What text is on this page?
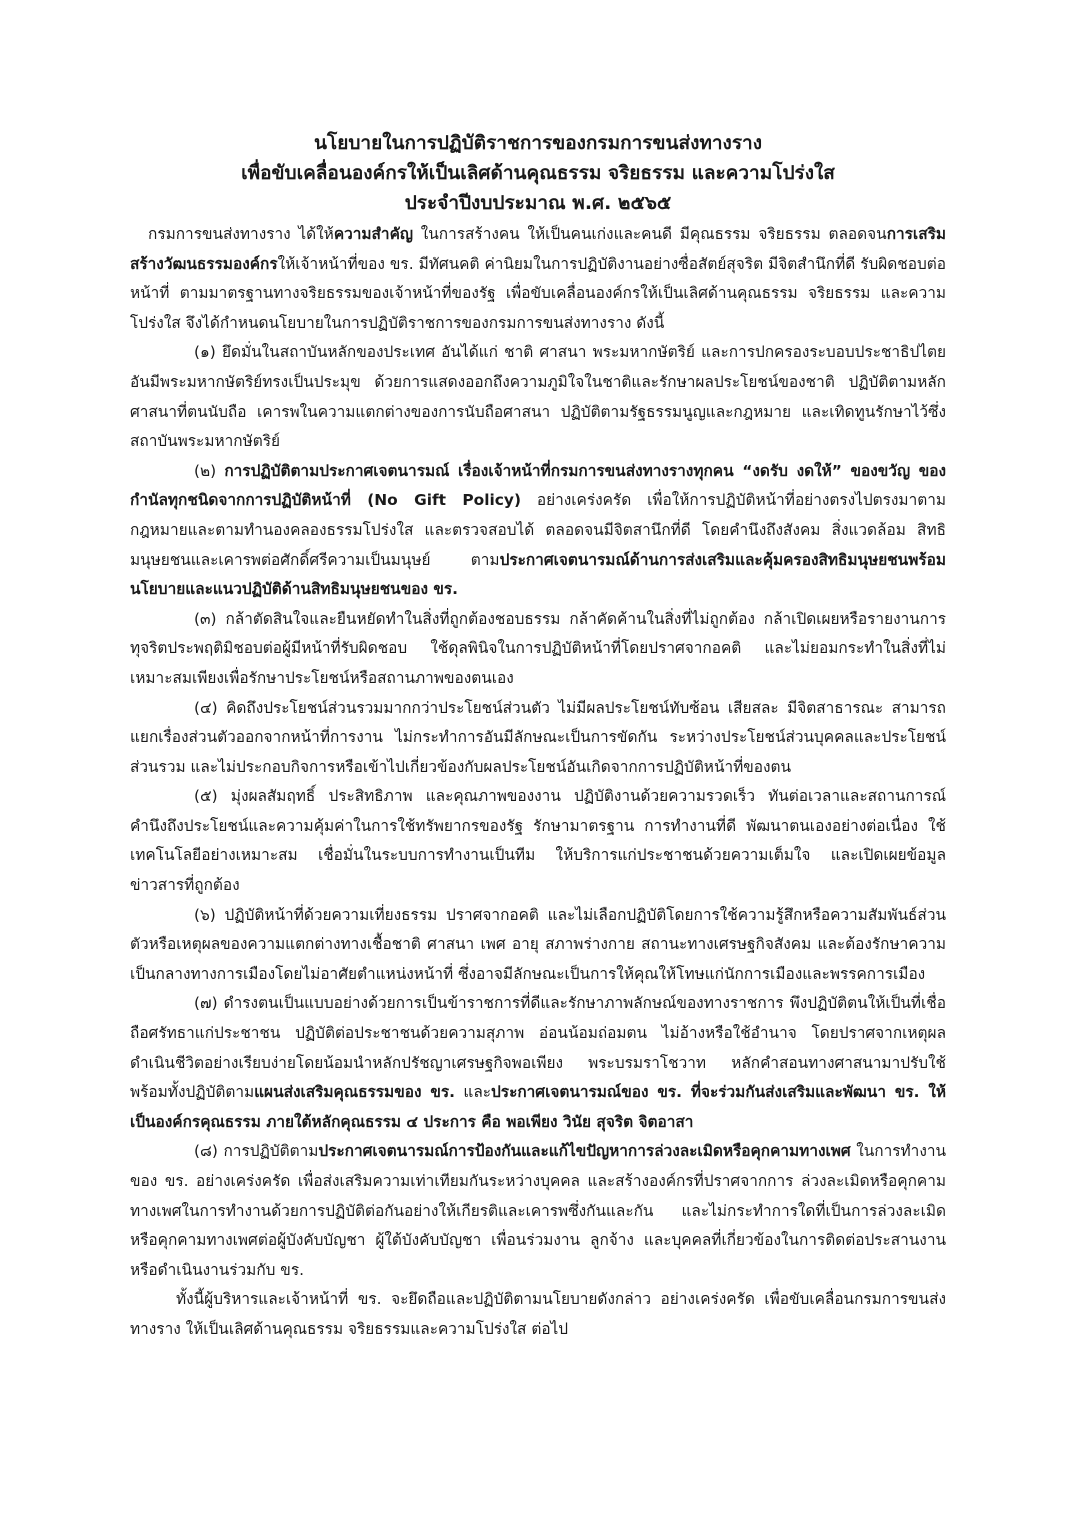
นโยบายในการปฏิบัติราชการของกรมการขนส่งทางราง
เพื่อขับเคลื่อนองค์กรให้เป็นเลิศด้านคุณธรรม จริยธรรม และความโปร่งใส
ประจำปีงบประมาณ พ.ศ. ๒๕๖๕

กรมการขนส่งทางราง ได้ให้ความสำคัญ ในการสร้างคน ให้เป็นคนเก่งและคนดี มีคุณธรรม จริยธรรม ตลอดจนการเสริมสร้างวัฒนธรรมองค์กรให้เจ้าหน้าที่ของ ขร. มีทัศนคติ ค่านิยมในการปฏิบัติงานอย่างซื่อสัตย์สุจริต มีจิตสำนึกที่ดี รับผิดชอบต่อหน้าที่ ตามมาตรฐานทางจริยธรรมของเจ้าหน้าที่ของรัฐ เพื่อขับเคลื่อนองค์กรให้เป็นเลิศด้านคุณธรรม จริยธรรม และความโปร่งใส จึงได้กำหนดนโยบายในการปฏิบัติราชการของกรมการขนส่งทางราง ดังนี้

(๑) ยึดมั่นในสถาบันหลักของประเทศ อันได้แก่ ชาติ ศาสนา พระมหากษัตริย์ และการปกครองระบอบประชาธิปไตยอันมีพระมหากษัตริย์ทรงเป็นประมุข ด้วยการแสดงออกถึงความภูมิใจในชาติและรักษาผลประโยชน์ของชาติ ปฏิบัติตามหลักศาสนาที่ตนนับถือ เคารพในความแตกต่างของการนับถือศาสนา ปฏิบัติตามรัฐธรรมนูญและกฎหมาย และเทิดทูนรักษาไว้ซึ่งสถาบันพระมหากษัตริย์

(๒) การปฏิบัติตามประกาศเจตนารมณ์ เรื่องเจ้าหน้าที่กรมการขนส่งทางรางทุกคน “งดรับ งดให้” ของขวัญ ของกำนัลทุกชนิดจากการปฏิบัติหน้าที่ (No Gift Policy) อย่างเคร่งครัด เพื่อให้การปฏิบัติหน้าที่อย่างตรงไปตรงมาตามกฎหมายและตามทำนองคลองธรรมโปร่งใส และตรวจสอบได้ ตลอดจนมีจิตสานึกที่ดี โดยคำนึงถึงสังคม สิ่งแวดล้อม สิทธิมนุษยชนและเคารพต่อศักดิ์ศรีความเป็นมนุษย์ ตามประกาศเจตนารมณ์ด้านการส่งเสริมและคุ้มครองสิทธิมนุษยชนพร้อมนโยบายและแนวปฏิบัติด้านสิทธิมนุษยชนของ ขร.

(๓) กล้าตัดสินใจและยืนหยัดทำในสิ่งที่ถูกต้องชอบธรรม กล้าคัดค้านในสิ่งที่ไม่ถูกต้อง กล้าเปิดเผยหรือรายงานการทุจริตประพฤติมิชอบต่อผู้มีหน้าที่รับผิดชอบ ใช้ดุลพินิจในการปฏิบัติหน้าที่โดยปราศจากอคติ และไม่ยอมกระทำในสิ่งที่ไม่เหมาะสมเพียงเพื่อรักษาประโยชน์หรือสถานภาพของตนเอง

(๔) คิดถึงประโยชน์ส่วนรวมมากกว่าประโยชน์ส่วนตัว ไม่มีผลประโยชน์ทับซ้อน เสียสละ มีจิตสาธารณะ สามารถแยกเรื่องส่วนตัวออกจากหน้าที่การงาน ไม่กระทำการอันมีลักษณะเป็นการขัดกัน ระหว่างประโยชน์ส่วนบุคคลและประโยชน์ส่วนรวม และไม่ประกอบกิจการหรือเข้าไปเกี่ยวข้องกับผลประโยชน์อันเกิดจากการปฏิบัติหน้าที่ของตน

(๕) มุ่งผลสัมฤทธิ์ ประสิทธิภาพ และคุณภาพของงาน ปฏิบัติงานด้วยความรวดเร็ว ทันต่อเวลาและสถานการณ์ คำนึงถึงประโยชน์และความคุ้มค่าในการใช้ทรัพยากรของรัฐ รักษามาตรฐาน การทำงานที่ดี พัฒนาตนเองอย่างต่อเนื่อง ใช้เทคโนโลยีอย่างเหมาะสม เชื่อมั่นในระบบการทำงานเป็นทีม ให้บริการแก่ประชาชนด้วยความเต็มใจ และเปิดเผยข้อมูลข่าวสารที่ถูกต้อง

(๖) ปฏิบัติหน้าที่ด้วยความเที่ยงธรรม ปราศจากอคติ และไม่เลือกปฏิบัติโดยการใช้ความรู้สึกหรือความสัมพันธ์ส่วนตัวหรือเหตุผลของความแตกต่างทางเชื้อชาติ ศาสนา เพศ อายุ สภาพร่างกาย สถานะทางเศรษฐกิจสังคม และต้องรักษาความเป็นกลางทางการเมืองโดยไม่อาศัยตำแหน่งหน้าที่ ซึ่งอาจมีลักษณะเป็นการให้คุณให้โทษแก่นักการเมืองและพรรคการเมือง

(๗) ดำรงตนเป็นแบบอย่างด้วยการเป็นข้าราชการที่ดีและรักษาภาพลักษณ์ของทางราชการ พึงปฏิบัติตนให้เป็นที่เชื่อถือศรัทธาแก่ประชาชน ปฏิบัติต่อประชาชนด้วยความสุภาพ อ่อนน้อมถ่อมตน ไม่อ้างหรือใช้อำนาจ โดยปราศจากเหตุผล ดำเนินชีวิตอย่างเรียบง่ายโดยน้อมนำหลักปรัชญาเศรษฐกิจพอเพียง พระบรมราโชวาท หลักคำสอนทางศาสนามาปรับใช้ พร้อมทั้งปฏิบัติตามแผนส่งเสริมคุณธรรมของ ขร. และประกาศเจตนารมณ์ของ ขร. ที่จะร่วมกันส่งเสริมและพัฒนา ขร. ให้เป็นองค์กรคุณธรรม ภายใต้หลักคุณธรรม ๔ ประการ คือ พอเพียง วินัย สุจริต จิตอาสา

(๘) การปฏิบัติตามประกาศเจตนารมณ์การป้องกันและแก้ไขปัญหาการล่วงละเมิดหรือคุกคามทางเพศ ในการทำงานของ ขร. อย่างเคร่งครัด เพื่อส่งเสริมความเท่าเทียมกันระหว่างบุคคล และสร้างองค์กรที่ปราศจากการ ล่วงละเมิดหรือคุกคามทางเพศในการทำงานด้วยการปฏิบัติต่อกันอย่างให้เกียรติและเคารพซึ่งกันและกัน และไม่กระทำการใดที่เป็นการล่วงละเมิดหรือคุกคามทางเพศต่อผู้บังคับบัญชา ผู้ใต้บังคับบัญชา เพื่อนร่วมงาน ลูกจ้าง และบุคคลที่เกี่ยวข้องในการติดต่อประสานงานหรือดำเนินงานร่วมกับ ขร.

ทั้งนี้ผู้บริหารและเจ้าหน้าที่ ขร. จะยึดถือและปฏิบัติตามนโยบายดังกล่าว อย่างเคร่งครัด เพื่อขับเคลื่อนกรมการขนส่งทางราง ให้เป็นเลิศด้านคุณธรรม จริยธรรมและความโปร่งใส ต่อไป
